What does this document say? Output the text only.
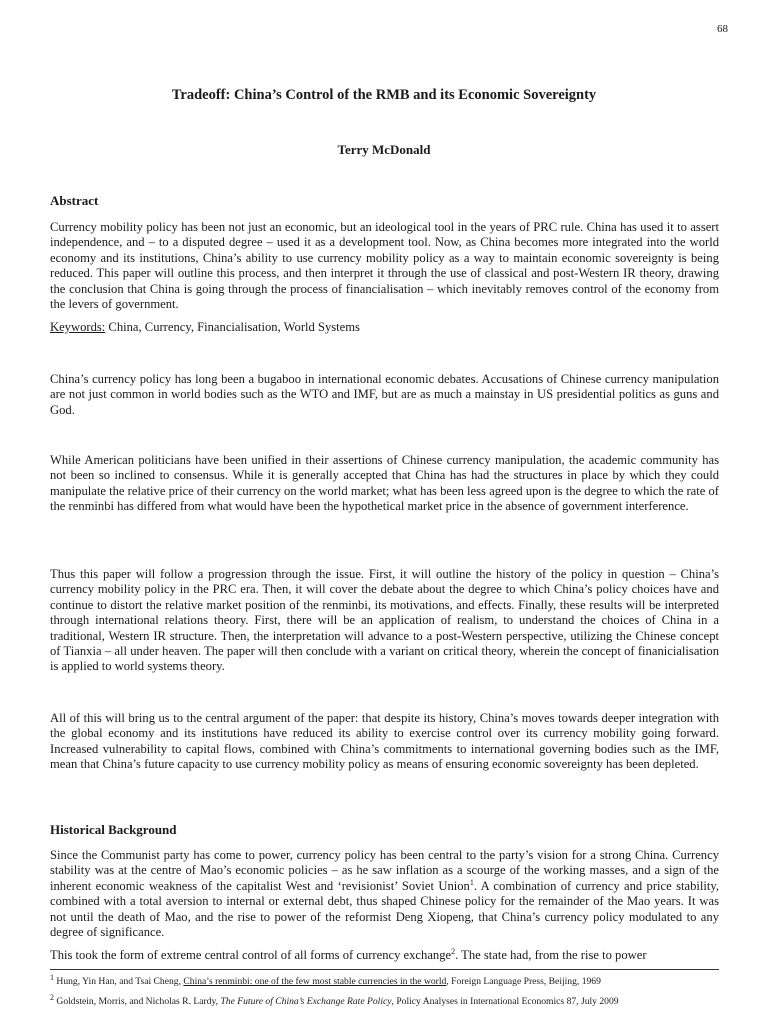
68
Tradeoff: China’s Control of the RMB and its Economic Sovereignty
Terry McDonald
Abstract

Currency mobility policy has been not just an economic, but an ideological tool in the years of PRC rule. China has used it to assert independence, and – to a disputed degree – used it as a development tool. Now, as China becomes more integrated into the world economy and its institutions, China’s ability to use currency mobility policy as a way to maintain economic sovereignty is being reduced. This paper will outline this process, and then interpret it through the use of classical and post-Western IR theory, drawing the conclusion that China is going through the process of financialisation – which inevitably removes control of the economy from the levers of government.

Keywords: China, Currency, Financialisation, World Systems

China’s currency policy has long been a bugaboo in international economic debates. Accusations of Chinese currency manipulation are not just common in world bodies such as the WTO and IMF, but are as much a mainstay in US presidential politics as guns and God.

While American politicians have been unified in their assertions of Chinese currency manipulation, the academic community has not been so inclined to consensus. While it is generally accepted that China has had the structures in place by which they could manipulate the relative price of their currency on the world market; what has been less agreed upon is the degree to which the rate of the renminbi has differed from what would have been the hypothetical market price in the absence of government interference.

Thus this paper will follow a progression through the issue. First, it will outline the history of the policy in question – China’s currency mobility policy in the PRC era. Then, it will cover the debate about the degree to which China’s policy choices have and continue to distort the relative market position of the renminbi, its motivations, and effects. Finally, these results will be interpreted through international relations theory. First, there will be an application of realism, to understand the choices of China in a traditional, Western IR structure. Then, the interpretation will advance to a post-Western perspective, utilizing the Chinese concept of Tianxia – all under heaven. The paper will then conclude with a variant on critical theory, wherein the concept of finanicialisation is applied to world systems theory.

All of this will bring us to the central argument of the paper: that despite its history, China’s moves towards deeper integration with the global economy and its institutions have reduced its ability to exercise control over its currency mobility going forward. Increased vulnerability to capital flows, combined with China’s commitments to international governing bodies such as the IMF, mean that China’s future capacity to use currency mobility policy as means of ensuring economic sovereignty has been depleted.

Historical Background

Since the Communist party has come to power, currency policy has been central to the party’s vision for a strong China. Currency stability was at the centre of Mao’s economic policies – as he saw inflation as a scourge of the working masses, and a sign of the inherent economic weakness of the capitalist West and ‘revisionist’ Soviet Union$^1$. A combination of currency and price stability, combined with a total aversion to internal or external debt, thus shaped Chinese policy for the remainder of the Mao years. It was not until the death of Mao, and the rise to power of the reformist Deng Xiopeng, that China’s currency policy modulated to any degree of significance.

This took the form of extreme central control of all forms of currency exchange$^2$. The state had, from the rise to power

$^1$ Hung, Yin Han, and Tsai Cheng, China’s renminbi: one of the few most stable currencies in the world, Foreign Language Press, Beijing, 1969
$^2$ Goldstein, Morris, and Nicholas R. Lardy, The Future of China’s Exchange Rate Policy, Policy Analyses in International Economics 87, July 2009
